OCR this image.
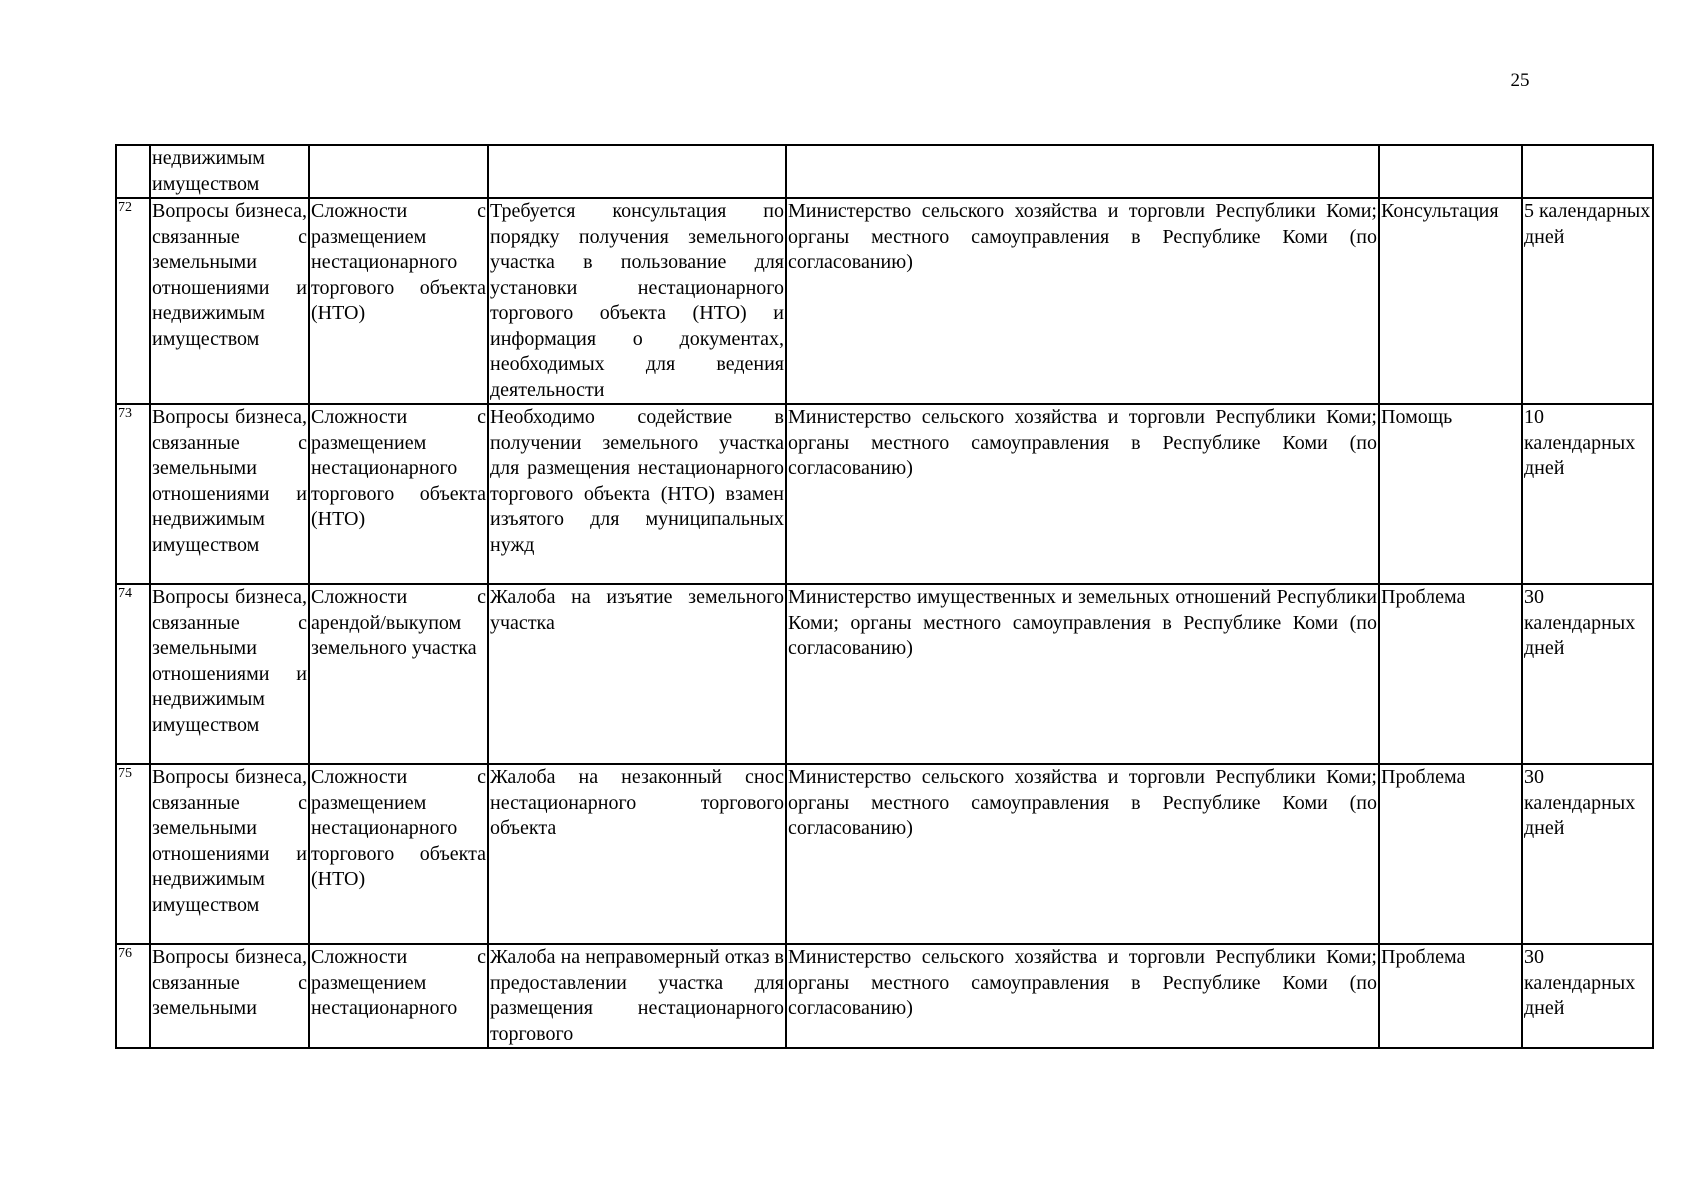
25
	недвижимым имуществом					
72	Вопросы бизнеса, связанные с земельными отношениями и недвижимым имуществом	Сложности с размещением нестационарного торгового объекта (НТО)	Требуется консультация по порядку получения земельного участка в пользование для установки нестационарного торгового объекта (НТО) и информация о документах, необходимых для ведения деятельности	Министерство сельского хозяйства и торговли Республики Коми; органы местного самоуправления в Республике Коми (по согласованию)	Консультация	5 календарных дней
73	Вопросы бизнеса, связанные с земельными отношениями и недвижимым имуществом	Сложности с размещением нестационарного торгового объекта (НТО)	Необходимо содействие в получении земельного участка для размещения нестационарного торгового объекта (НТО) взамен изъятого для муниципальных нужд	Министерство сельского хозяйства и торговли Республики Коми; органы местного самоуправления в Республике Коми (по согласованию)	Помощь	10 календарных дней
74	Вопросы бизнеса, связанные с земельными отношениями и недвижимым имуществом	Сложности с арендой/выкупом земельного участка	Жалоба на изъятие земельного участка	Министерство имущественных и земельных отношений Республики Коми; органы местного самоуправления в Республике Коми (по согласованию)	Проблема	30 календарных дней
75	Вопросы бизнеса, связанные с земельными отношениями и недвижимым имуществом	Сложности с размещением нестационарного торгового объекта (НТО)	Жалоба на незаконный снос нестационарного торгового объекта	Министерство сельского хозяйства и торговли Республики Коми; органы местного самоуправления в Республике Коми (по согласованию)	Проблема	30 календарных дней
76	Вопросы бизнеса, связанные с земельными	Сложности с размещением нестационарного	Жалоба на неправомерный отказ в предоставлении участка для размещения нестационарного торгового	Министерство сельского хозяйства и торговли Республики Коми; органы местного самоуправления в Республике Коми (по согласованию)	Проблема	30 календарных дней
